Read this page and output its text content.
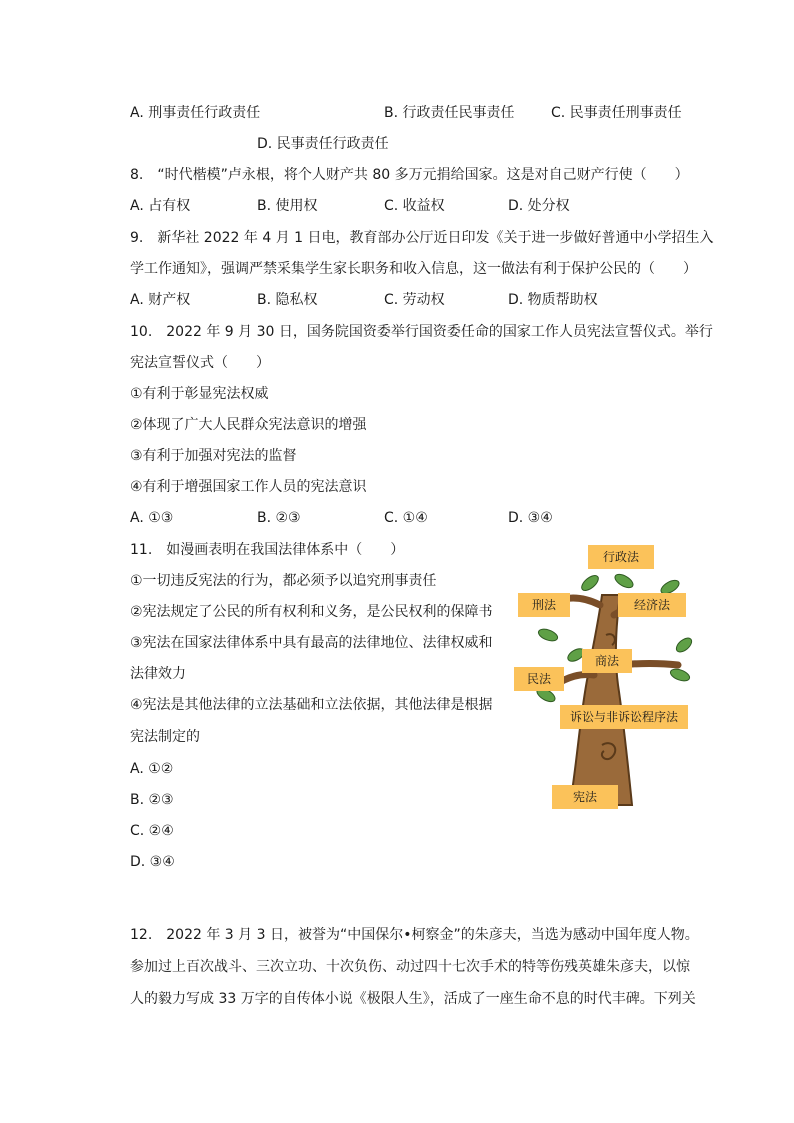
A. 刑事责任行政责任	B. 行政责任民事责任	C. 民事责任刑事责任
D. 民事责任行政责任
8.　“时代楷模”卢永根，将个人财产共 80 多万元捐给国家。这是对自己财产行使（　　）
A. 占有权	B. 使用权	C. 收益权	D. 处分权
9.　新华社 2022 年 4 月 1 日电，教育部办公厅近日印发《关于进一步做好普通中小学招生入
学工作通知》，强调严禁采集学生家长职务和收入信息，这一做法有利于保护公民的（　　）
A. 财产权	B. 隐私权	C. 劳动权	D. 物质帮助权
10.　2022 年 9 月 30 日，国务院国资委举行国资委任命的国家工作人员宪法宣誓仪式。举行
宪法宣誓仪式（　　）
①有利于彰显宪法权威
②体现了广大人民群众宪法意识的增强
③有利于加强对宪法的监督
④有利于增强国家工作人员的宪法意识
A. ①③	B. ②③	C. ①④	D. ③④
11.　如漫画表明在我国法律体系中（　　）
①一切违反宪法的行为，都必须予以追究刑事责任
②宪法规定了公民的所有权利和义务，是公民权利的保障书
③宪法在国家法律体系中具有最高的法律地位、法律权威和
法律效力
④宪法是其他法律的立法基础和立法依据，其他法律是根据
宪法制定的
A. ①②
B. ②③
C. ②④
D. ③④
行政法
刑法	经济法
商法
民法
诉讼与非诉讼程序法
宪法
12.　2022 年 3 月 3 日，被誉为“中国保尔•柯察金”的朱彦夫，当选为感动中国年度人物。
参加过上百次战斗、三次立功、十次负伤、动过四十七次手术的特等伤残英雄朱彦夫，以惊
人的毅力写成 33 万字的自传体小说《极限人生》，活成了一座生命不息的时代丰碑。下列关
